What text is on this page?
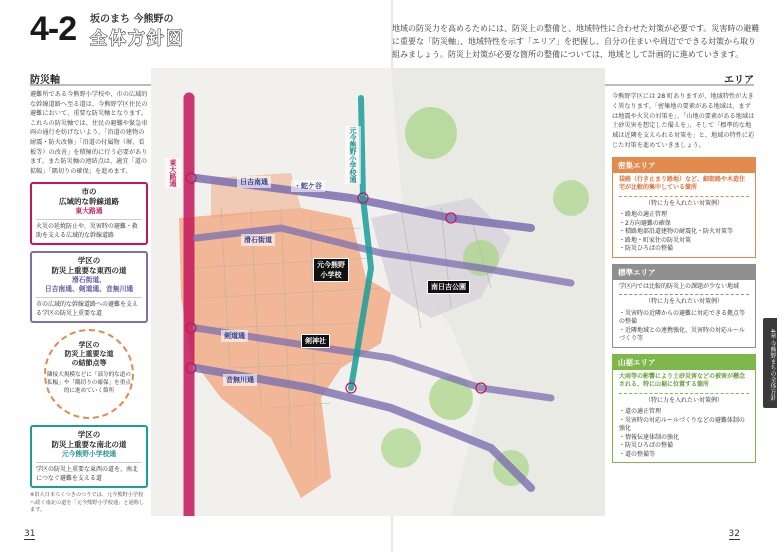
4-2 坂のまち 今熊野の
全体方針図
地域の防災力を高めるためには、防災上の整備と、地域特性に合わせた対策が必要です。災害時の避難に重要な「防災軸」、地域特性を示す「エリア」を把握し、自分の住まいや周辺でできる対策から取り組みましょう。防災上対策が必要な箇所の整備については、地域として計画的に進めていきます。
防災軸	エリア
避難所である今熊野小学校や、市の広域的な幹線道路へ至る道は、今熊野学区住民の避難において、重要な防災軸となります。これらの防災軸では、住民の避難や緊急車両の通行を妨げないよう、「沿道の建物の耐震・防火改修」「沿道の付属物（塀、看板等）の改善」を積極的に行う必要があります。また防災軸の連結点は、適宜「道の拡幅」「隅切りの確保」を進めます。
市の
広域的な幹線道路
東大路通
火災の延焼防止や、災害時の避難・救助を支える広域的な幹線道路
学区の
防災上重要な東西の道
滑石街道、
日吉南通、剣道通、音無川通
市の広域的な幹線道路への避難を支える学区の防災上重要な道
学区の
防災上重要な道
の結節点等
隣接大規模などに「部分的な道の拡幅」や「隅切りの確保」を重点的に進めていく箇所
学区の
防災上重要な南北の道
元今熊野小学校通
学区の防災上重要な東西の道を、南北につなぐ避難を支える道
※旧大日本ろくつきのつりでは、元今熊野小学校へ続く南北の道を「元今熊野小学校通」と通称します。
東大路通	日吉南通	・蛇ケ谷
元今熊野小学校通
滑石街道
剣道通
音無川通
元今熊野
小学校
南日吉公園
剣神社
今熊野学区には 28 町ありますが、地域特性が大きく異なります。「密集地の要素がある地域は、まずは地震や火災の対策を」、「山地の要素がある地域は土砂災害を想定した備えを」、そして「標準的な地域は近隣を支えられる対策を」と、地域の特性に応じた対策を進めていきましょう。
密集エリア
袋路（行き止まり路地）など、細街路や木造住宅が比較的集中している箇所
（特に力を入れたい対策例）
・路地の適正管理
・2方向避難の確保
・積路地部沿道建物の耐震化・防火対策等
・路地・町家住の防災対策
・防災ひろばの整備
標準エリア
学区内では比較的防災上の課題が少ない地域
（特に力を入れたい対策例）
・災害時の近隣からの避難に対応できる拠点等の整備
・近隣地域との連携強化、災害時の対応ルールづくり等
山裾エリア
大雨等の影響により土砂災害などの被害が懸念される、特に山裾に位置する箇所
（特に力を入れたい対策例）
・道の適正管理
・災害時の対応ルールづくりなどの避難体制の強化
・情報伝達体制の強化
・防災ひろばの整備
・道の整備等
4章 今熊野まちの全体方針
31	32
